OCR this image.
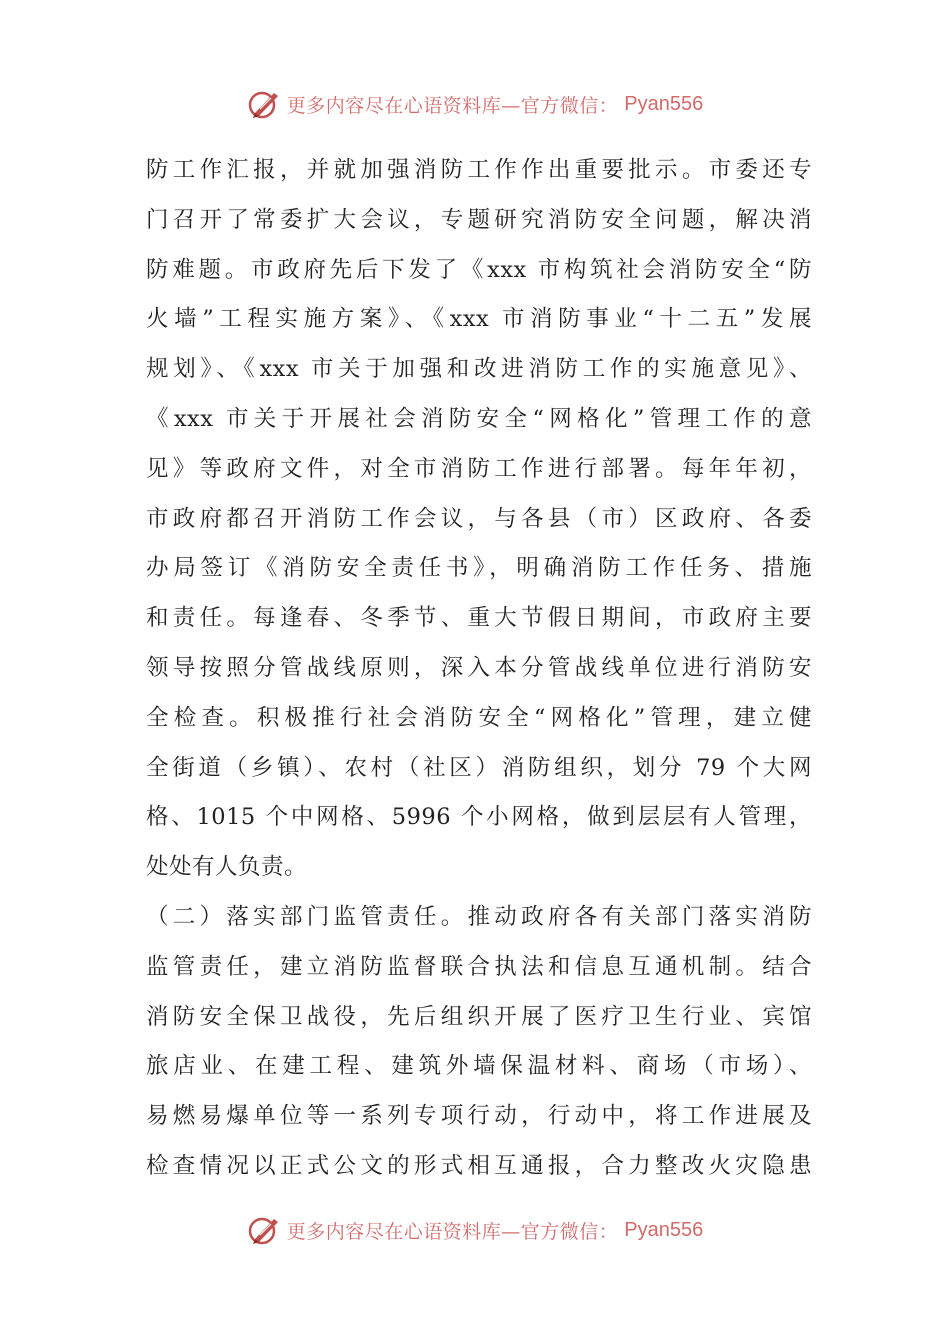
更多内容尽在心语资料库—官方微信： Pyan556
防工作汇报，并就加强消防工作作出重要批示。市委还专
门召开了常委扩大会议，专题研究消防安全问题，解决消
防难题。市政府先后下发了《xxx 市构筑社会消防安全“防
火墙”工程实施方案》、《xxx 市消防事业“十二五”发展
规划》、《xxx 市关于加强和改进消防工作的实施意见》、
《xxx 市关于开展社会消防安全“网格化”管理工作的意
见》等政府文件，对全市消防工作进行部署。每年年初，
市政府都召开消防工作会议，与各县（市）区政府、各委
办局签订《消防安全责任书》，明确消防工作任务、措施
和责任。每逢春、冬季节、重大节假日期间，市政府主要
领导按照分管战线原则，深入本分管战线单位进行消防安
全检查。积极推行社会消防安全“网格化”管理，建立健
全街道（乡镇）、农村（社区）消防组织，划分 79 个大网
格、1015 个中网格、5996 个小网格，做到层层有人管理，
处处有人负责。
（二）落实部门监管责任。推动政府各有关部门落实消防
监管责任，建立消防监督联合执法和信息互通机制。结合
消防安全保卫战役，先后组织开展了医疗卫生行业、宾馆
旅店业、在建工程、建筑外墙保温材料、商场（市场）、
易燃易爆单位等一系列专项行动，行动中，将工作进展及
检查情况以正式公文的形式相互通报，合力整改火灾隐患
更多内容尽在心语资料库—官方微信： Pyan556
